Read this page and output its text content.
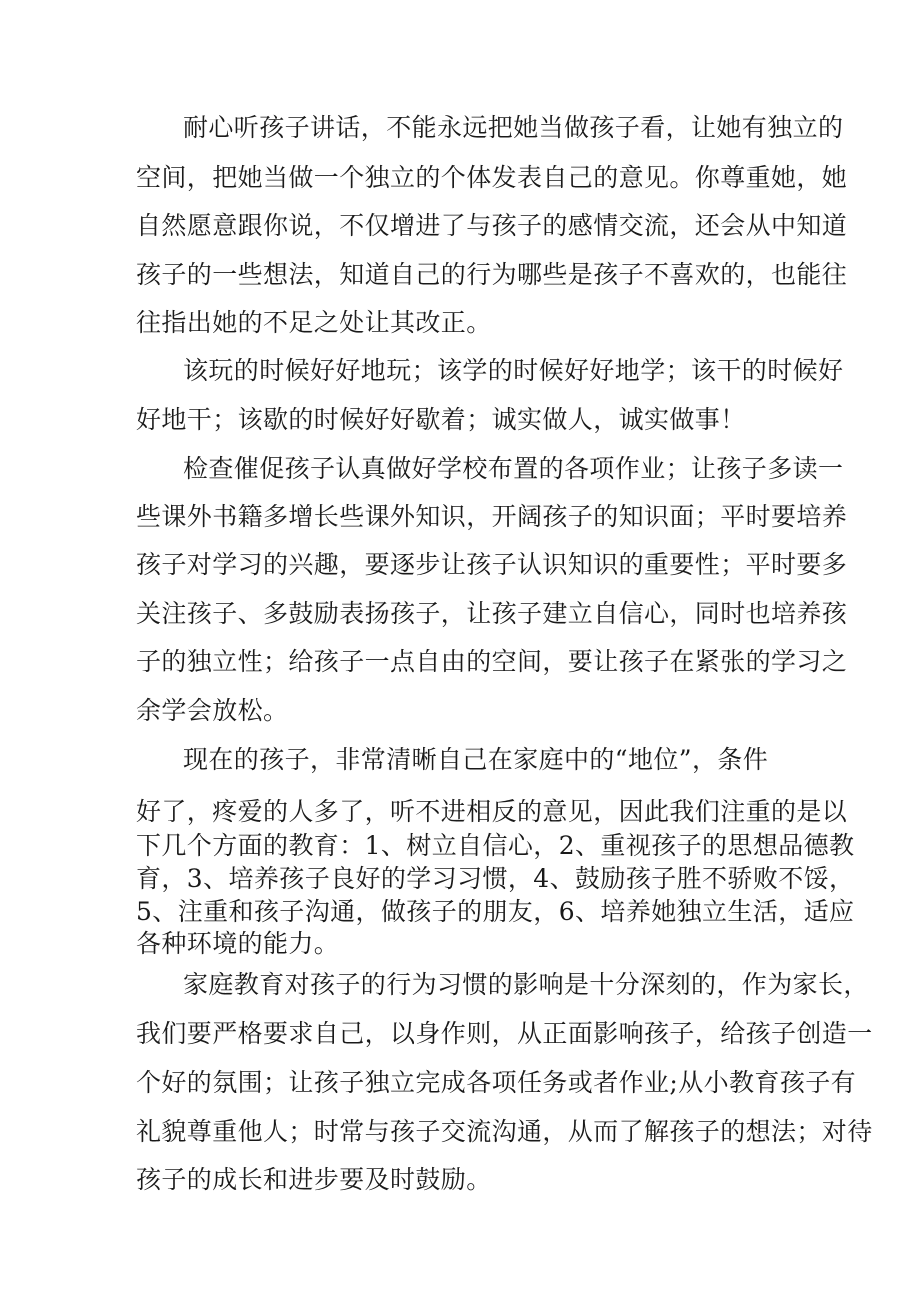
耐心听孩子讲话，不能永远把她当做孩子看，让她有独立的
空间，把她当做一个独立的个体发表自己的意见。你尊重她，她
自然愿意跟你说，不仅增进了与孩子的感情交流，还会从中知道
孩子的一些想法，知道自己的行为哪些是孩子不喜欢的，也能往
往指出她的不足之处让其改正。
该玩的时候好好地玩；该学的时候好好地学；该干的时候好
好地干；该歇的时候好好歇着；诚实做人，诚实做事！
检查催促孩子认真做好学校布置的各项作业；让孩子多读一
些课外书籍多增长些课外知识，开阔孩子的知识面；平时要培养
孩子对学习的兴趣，要逐步让孩子认识知识的重要性；平时要多
关注孩子、多鼓励表扬孩子，让孩子建立自信心，同时也培养孩
子的独立性；给孩子一点自由的空间，要让孩子在紧张的学习之
余学会放松。
现在的孩子，非常清晰自己在家庭中的“地位”，条件
好了，疼爱的人多了，听不进相反的意见，因此我们注重的是以
下几个方面的教育：1、树立自信心，2、重视孩子的思想品德教
育，3、培养孩子良好的学习习惯，4、鼓励孩子胜不骄败不馁，
5、注重和孩子沟通，做孩子的朋友，6、培养她独立生活，适应
各种环境的能力。
家庭教育对孩子的行为习惯的影响是十分深刻的，作为家长，
我们要严格要求自己，以身作则，从正面影响孩子，给孩子创造一
个好的氛围；让孩子独立完成各项任务或者作业;从小教育孩子有
礼貌尊重他人；时常与孩子交流沟通，从而了解孩子的想法；对待
孩子的成长和进步要及时鼓励。
